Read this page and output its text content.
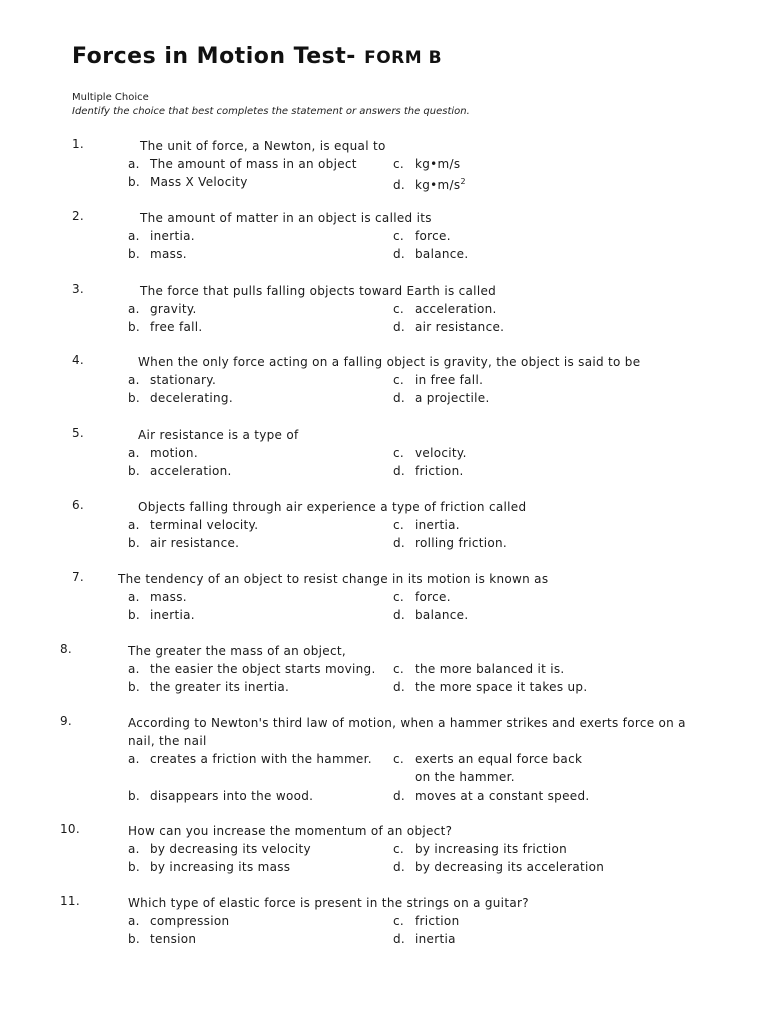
Forces in Motion Test- FORM B
Multiple Choice
Identify the choice that best completes the statement or answers the question.
1.	The unit of force, a Newton, is equal to
a. The amount of mass in an object
b. Mass X Velocity
c. kg•m/s
d. $kg•m/s^2$
2.	The amount of matter in an object is called its
a. inertia.
b. mass.
c. force.
d. balance.
3.	The force that pulls falling objects toward Earth is called
a. gravity.
b. free fall.
c. acceleration.
d. air resistance.
4.	When the only force acting on a falling object is gravity, the object is said to be
a. stationary.
b. decelerating.
c. in free fall.
d. a projectile.
5.	Air resistance is a type of
a. motion.
b. acceleration.
c. velocity.
d. friction.
6.	Objects falling through air experience a type of friction called
a. terminal velocity.
b. air resistance.
c. inertia.
d. rolling friction.
7.	The tendency of an object to resist change in its motion is known as
a. mass.
b. inertia.
c. force.
d. balance.
8.	The greater the mass of an object,
a. the easier the object starts moving.
b. the greater its inertia.
c. the more balanced it is.
d. the more space it takes up.
9.	According to Newton's third law of motion, when a hammer strikes and exerts force on a nail, the nail
a. creates a friction with the hammer.
b. disappears into the wood.
c. exerts an equal force back on the hammer.
d. moves at a constant speed.
10.	How can you increase the momentum of an object?
a. by decreasing its velocity
b. by increasing its mass
c. by increasing its friction
d. by decreasing its acceleration
11.	Which type of elastic force is present in the strings on a guitar?
a. compression
b. tension
c. friction
d. inertia
